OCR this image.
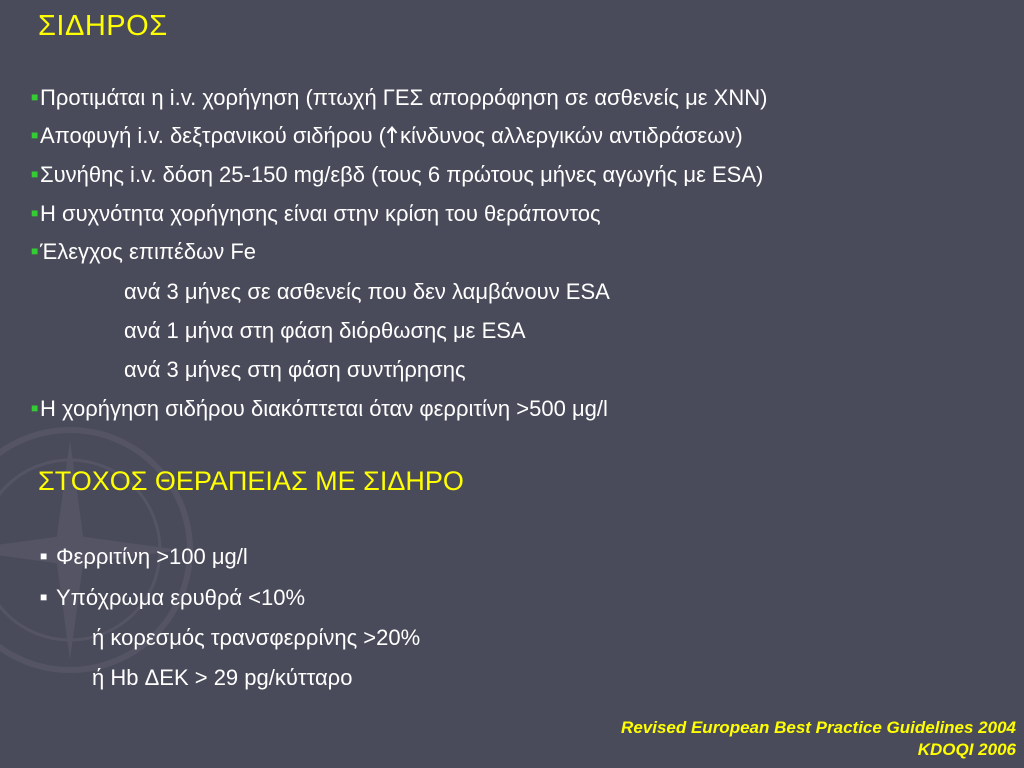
ΣΙΔΗΡΟΣ
■Προτιμάται η i.v. χορήγηση (πτωχή ΓΕΣ απορρόφηση σε ασθενείς με ΧΝΝ)
■Αποφυγή i.v. δεξτρανικού σιδήρου ( κίνδυνος αλλεργικών αντιδράσεων)
■Συνήθης i.v. δόση 25-150 mg/εβδ (τους 6 πρώτους μήνες αγωγής με ESA)
■Η συχνότητα χορήγησης είναι στην κρίση του θεράποντος
■Έλεγχος επιπέδων Fe
ανά 3 μήνες σε ασθενείς που δεν λαμβάνουν ESA
ανά 1 μήνα στη φάση διόρθωσης με ESA
ανά 3 μήνες στη φάση συντήρησης
■Η χορήγηση σιδήρου διακόπτεται όταν φερριτίνη >500 μg/l
ΣΤΟΧΟΣ ΘΕΡΑΠΕΙΑΣ ΜΕ ΣΙΔΗΡΟ
■ Φερριτίνη >100 μg/l
■ Υπόχρωμα ερυθρά <10%
ή κορεσμός τρανσφερρίνης >20%
ή Hb ΔΕΚ > 29 pg/κύτταρο
Revised European Best Practice Guidelines 2004
KDOQI 2006
